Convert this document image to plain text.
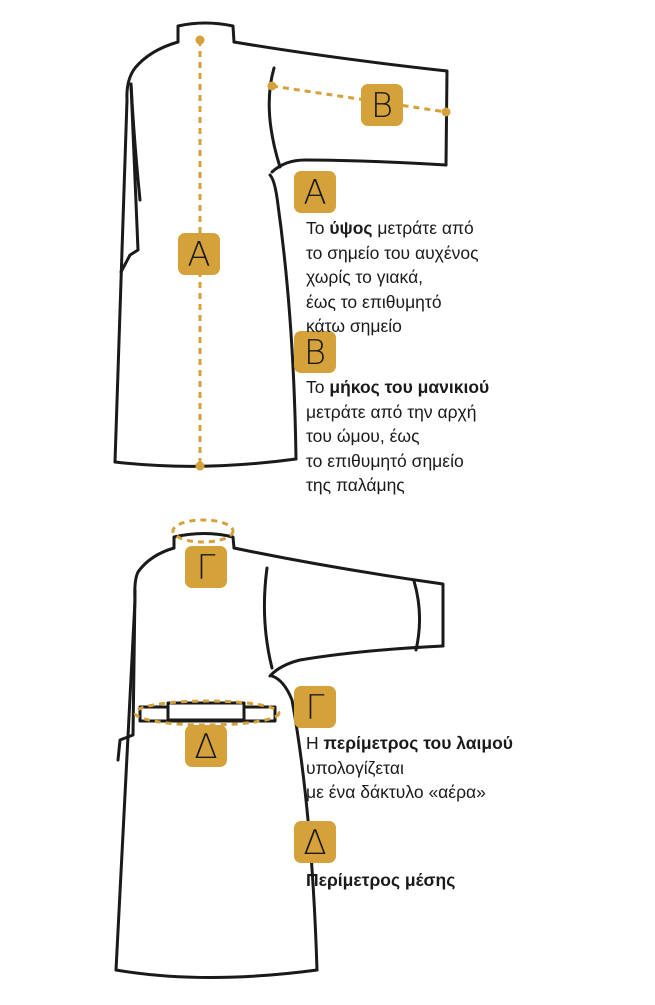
A
B
Γ
Δ
A
B
Γ
Δ
Το ύψος μετράτε από
το σημείο του αυχένος
χωρίς το γιακά,
έως το επιθυμητό
κάτω σημείο
Το μήκος του μανικιού
μετράτε από την αρχή
του ώμου, έως
το επιθυμητό σημείο
της παλάμης
Η περίμετρος του λαιμού
υπολογίζεται
με ένα δάκτυλο «αέρα»
Περίμετρος μέσης
